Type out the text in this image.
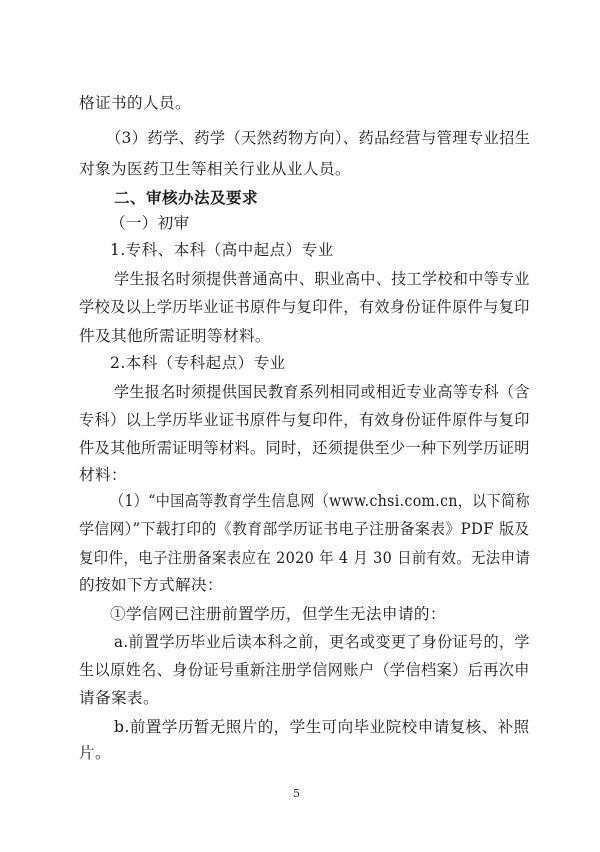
格证书的人员。
（3）药学、药学（天然药物方向）、药品经营与管理专业招生
对象为医药卫生等相关行业从业人员。
二、审核办法及要求
（一）初审
1.专科、本科（高中起点）专业
学生报名时须提供普通高中、职业高中、技工学校和中等专业
学校及以上学历毕业证书原件与复印件，有效身份证件原件与复印
件及其他所需证明等材料。
2.本科（专科起点）专业
学生报名时须提供国民教育系列相同或相近专业高等专科（含
专科）以上学历毕业证书原件与复印件，有效身份证件原件与复印
件及其他所需证明等材料。同时，还须提供至少一种下列学历证明
材料：
（1）“中国高等教育学生信息网（www.chsi.com.cn，以下简称
学信网）”下载打印的《教育部学历证书电子注册备案表》PDF 版及
复印件，电子注册备案表应在 2020 年 4 月 30 日前有效。无法申请
的按如下方式解决：
①学信网已注册前置学历，但学生无法申请的：
a.前置学历毕业后读本科之前，更名或变更了身份证号的，学
生以原姓名、身份证号重新注册学信网账户（学信档案）后再次申
请备案表。
b.前置学历暂无照片的，学生可向毕业院校申请复核、补照
片。
5
